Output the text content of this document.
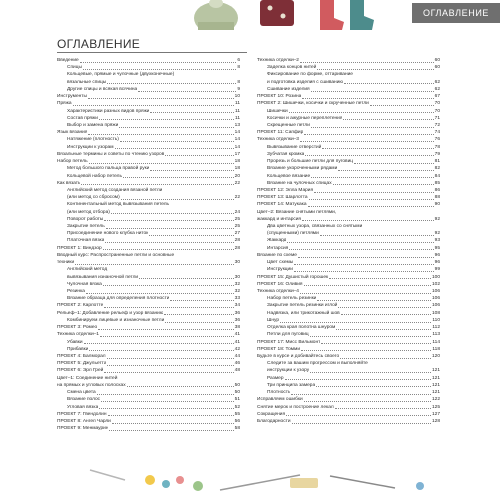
ОГЛАВЛЕНИЕ
ОГЛАВЛЕНИЕ
Введение	6
Спицы	8
Кольцевые, прямые и чулочные (двухконечные)
вязальные спицы	8
Другие спицы и всякая всячина	9
Инструменты	10
Пряжа	11
Характеристики разных видов пряжи	11
Состав пряжи	11
Выбор и замена пряжи	13
Язык вязания	14
Натяжение (плотность)	14
Инструкции к узорам	14
Вязальные термины и советы по чтению узоров	17
Набор петель	18
Метод большого пальца правой руки	18
Кольцевой набор петель	20
Как вязать	22
Английский метод создания вязаной петли
(или метод со сбросом)	22
Континентальный метод вывязывания петель
(или метод отбора)	24
Поворот работы	25
Закрытие петель	25
Присоединение нового клубка ниток	27
Платочная вязка	28
ПРОЕКТ 1: Виндзор	28
Вводный курс: Распространенные петли и основные
техники	30
Английский метод
вывязывания изнаночной петли	30
Чулочная вязка	32
Резинка	32
Вязание образца для определения плотности	33
ПРОЕКТ 2: Карлотте	34
Рельеф–1: Добавление рельеф и узор вязанию	36
Комбинируем лицевые и изнаночные петли	36
ПРОЕКТ 3: Ромео	38
Техника отделки–1	41
Убавки	41
Прибавки	42
ПРОЕКТ 4: Балморал	44
ПРОЕКТ 5: Джульетта	46
ПРОЕКТ 6: Эрл Грей	48
Цвет–1: Соединение нитей
на прямых и угловых полосках	50
Смена цвета	50
Вязание полос	51
Угловая вязка	52
ПРОЕКТ 7: Гвендолин	55
ПРОЕКТ 8: Ангел Чарли	56
ПРОЕКТ 9: Менмаурин	58
Техника отделки–2	60
Заделка концов нитей	60
Фиксирование по форме, оттаривание
и подготовка изделия с сшиванию	62
Сшивание изделия	62
ПРОЕКТ 10: Розина	67
ПРОЕКТ 2: Шишечки, косички и скрученные петли	70
Шишечки	70
Косички и ажурные переплетения	71
Скрещенные петли	72
ПРОЕКТ 11: Сапфир	74
Техника отделки–3	76
Вывязывание отверстий	78
Зубчатая кромка	79
Прорезь и большие петли для пуговиц	81
Вязание укороченными рядами	82
Кольцевое вязание	84
Вязание на чулочных спицах	85
ПРОЕКТ 12: Элла Мария	86
ПРОЕКТ 13: Шарлотта	88
ПРОЕКТ 14: Матукака	90
Цвет–2: Вязание снятыми петлями,
жаккард и интарсия	92
Два цветных узора, связанных со снятыми
(спущенными) петлями	92
Жаккард	93
Интарсия	95
Вязание по схеме	96
Цвет схемы	96
Инструкции	99
ПРОЕКТ 15: Душистый горошек	100
ПРОЕКТ 16: Оливия	102
Техника отделки–4	106
Набор петель резинки	106
Закрытие петель резинки иглой	106
Надвязка, или трикотажный шов	108
Шнур	110
Отделка края полотна шнуром	112
Петли для пуговиц	113
ПРОЕКТ 17: Мисс Вильмонт	114
ПРОЕКТ 18: Томми	118
Будьте в курсе и добивайтесь своего	120
Следите за вашим прогрессом и выполняйте
инструкции к узору	121
Размер	121
Три принципа замера	121
Плотность	121
Исправляем ошибки	122
Снятие мерок и построение лекал	125
Сокращения	127
Благодарности	128
